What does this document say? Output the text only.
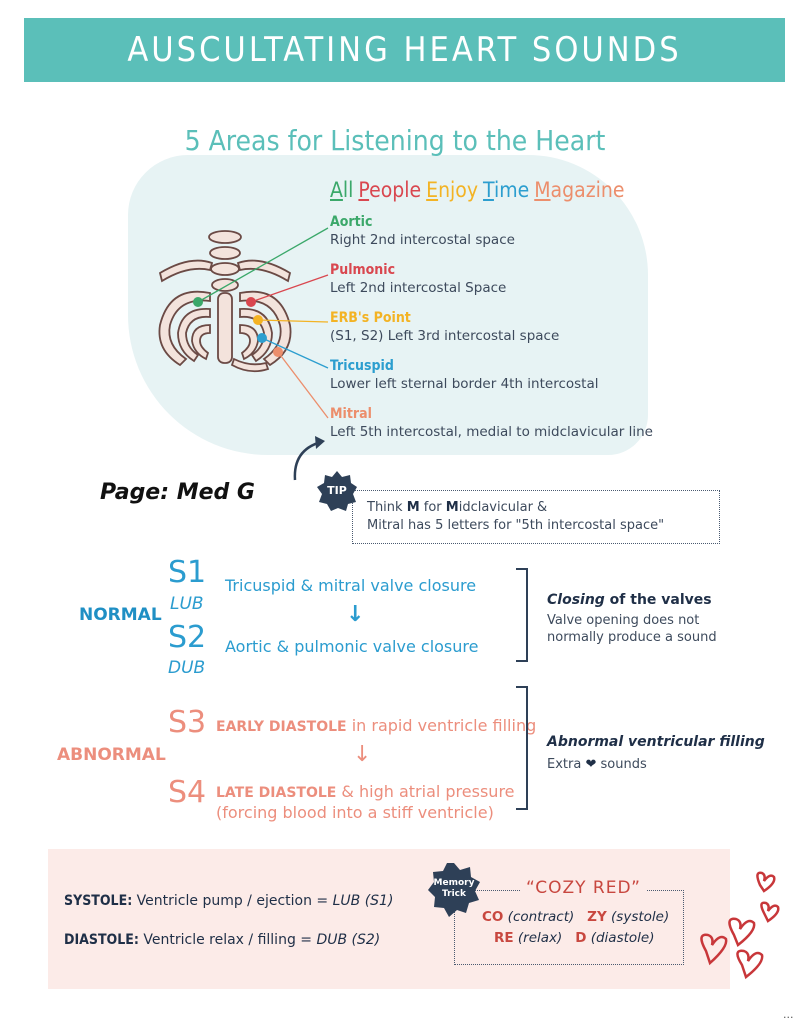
AUSCULTATING HEART SOUNDS
5 Areas for Listening to the Heart
All People Enjoy Time Magazine
Aortic
Right 2nd intercostal space
Pulmonic
Left 2nd intercostal Space
ERB's Point
(S1, S2) Left 3rd intercostal space
Tricuspid
Lower left sternal border 4th intercostal
Mitral
Left 5th intercostal, medial to midclavicular line
Page: Med G
Think M for Midclavicular &
Mitral has 5 letters for "5th intercostal space"
TIP
NORMAL
S1
LUB
Tricuspid & mitral valve closure
↓
S2
DUB
Aortic & pulmonic valve closure
Closing of the valves
Valve opening does not
normally produce a sound
ABNORMAL
S3 EARLY DIASTOLE in rapid ventricle filling
↓
S4 LATE DIASTOLE & high atrial pressure
(forcing blood into a stiff ventricle)
Abnormal ventricular filling
Extra ❤ sounds
SYSTOLE: Ventricle pump / ejection = LUB (S1)
DIASTOLE: Ventricle relax / filling = DUB (S2)
Memory
Trick	“COZY RED”
CO (contract) ZY (systole)
RE (relax) D (diastole)
...
